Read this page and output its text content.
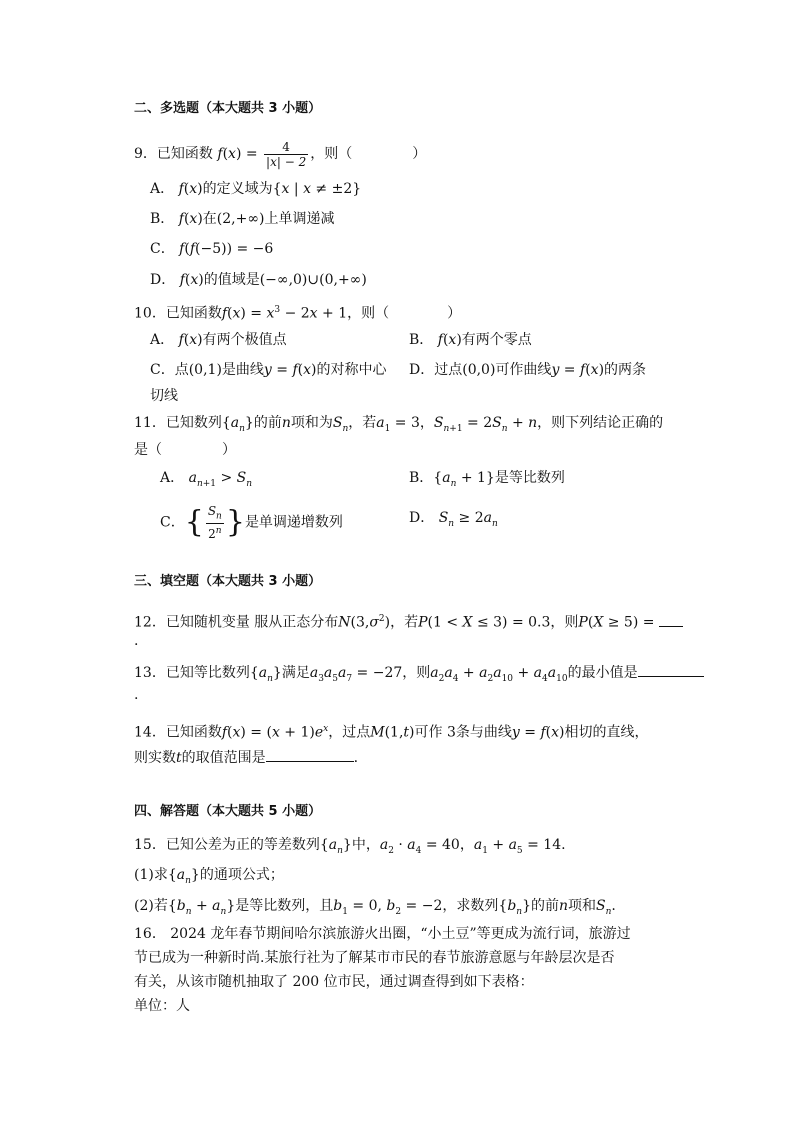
二、多选题（本大题共 3 小题）
9．已知函数 $f(x) = \frac{4}{|x| - 2}$ ，则（	）
A． f(x)的定义域为{x | x ≠ ±2}
B． f(x)在(2,+∞)上单调递减
C． f(f(−5)) = −6
D． f(x)的值域是(−∞,0)∪(0,+∞)
10．已知函数$f(x) = x^3 - 2x + 1$，则（	）
A． f(x)有两个极值点	B． f(x)有两个零点
C．点(0,1)是曲线y = f(x)的对称中心 D．过点(0,0)可作曲线y = f(x)的两条
切线
11．已知数列$\{a_n\}$的前n项和为$S_n$，若$a_1 = 3$，$S_{n+1} = 2S_n + n$，则下列结论正确的
是（	）
A． $a_{n+1} > S_n$	B．$\{a_n + 1\}$是等比数列
C．{ $\frac{S_n}{2^n}$ }是单调递增数列	D． $S_n \ge 2a_n$
三、填空题（本大题共 3 小题）
12．已知随机变量 服从正态分布$N(3,\sigma^2)$，若P(1 < X ≤ 3) = 0.3，则P(X ≥ 5) =
.
13．已知等比数列$\{a_n\}$满足$a_3a_5a_7 = -27$，则$a_2a_4 + a_2a_{10} + a_4a_{10}$的最小值是
.
14．已知函数$f(x) = (x + 1)e^x$，过点M(1,t)可作 3条与曲线y = f(x)相切的直线，
则实数t的取值范围是	.
四、解答题（本大题共 5 小题）
15．已知公差为正的等差数列$\{a_n\}$中，$a_2 \cdot a_4 = 40$，$a_1 + a_5 = 14$.
(1)求$\{a_n\}$的通项公式；
(2)若$\{b_n + a_n\}$是等比数列，且$b_1 = 0$, $b_2 = -2$，求数列$\{b_n\}$的前n项和$S_n$.
16． 2024 龙年春节期间哈尔滨旅游火出圈，“小土豆”等更成为流行词，旅游过
节已成为一种新时尚.某旅行社为了解某市市民的春节旅游意愿与年龄层次是否
有关，从该市随机抽取了 200 位市民，通过调查得到如下表格：
单位：人
